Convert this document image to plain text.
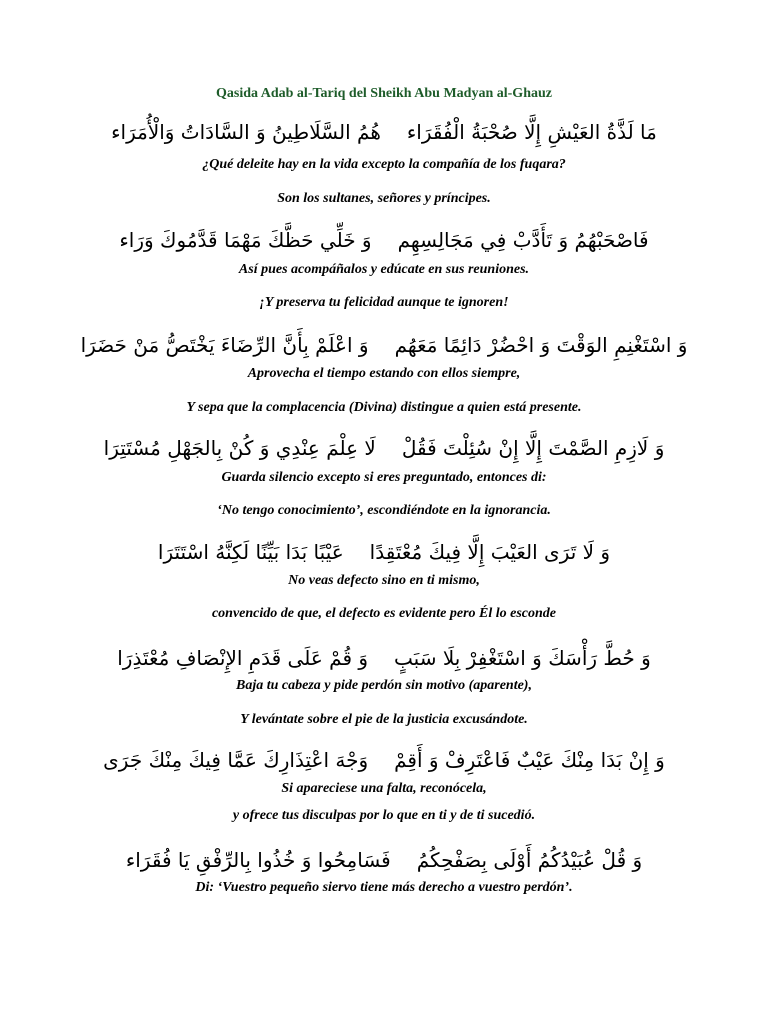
Qasida Adab al-Tariq del Sheikh Abu Madyan al-Ghauz
مَا لَذَّةُ العَيْشِ إِلَّا صُحْبَةُ الْفُقَرَاءهُمُ السَّلَاطِينُ وَ السَّادَاتُ وَالْأُمَرَاء
¿Qué deleite hay en la vida excepto la compañía de los fuqara?
Son los sultanes, señores y príncipes.
فَاصْحَبْهُمُ وَ تَأَدَّبْ فِي مَجَالِسِهِموَ خَلِّي حَظَّكَ مَهْمَا قَدَّمُوكَ وَرَاء
Así pues acompáñalos y edúcate en sus reuniones.
¡Y preserva tu felicidad aunque te ignoren!
وَ اسْتَغْنِمِ الوَقْتَ وَ احْضُرْ دَائِمًا مَعَهُموَ اعْلَمْ بِأَنَّ الرِّضَاءَ يَخْتَصُّ مَنْ حَضَرَا
Aprovecha el tiempo estando con ellos siempre,
Y sepa que la complacencia (Divina) distingue a quien está presente.
وَ لَازِمِ الصَّمْتَ إِلَّا إِنْ سُئِلْتَ فَقُلْلَا عِلْمَ عِنْدِي وَ كُنْ بِالجَهْلِ مُسْتَتِرَا
Guarda silencio excepto si eres preguntado, entonces di:
‘No tengo conocimiento’, escondiéndote en la ignorancia.
وَ لَا تَرَى العَيْبَ إِلَّا فِيكَ مُعْتَقِدًاعَيْبًا بَدَا بَيِّنًا لَكِنَّهُ اسْتَتَرَا
No veas defecto sino en ti mismo,
convencido de que, el defecto es evidente pero Él lo esconde
وَ حُطَّ رَأْسَكَ وَ اسْتَغْفِرْ بِلَا سَبَبٍوَ قُمْ عَلَى قَدَمِ الإِنْصَافِ مُعْتَذِرَا
Baja tu cabeza y pide perdón sin motivo (aparente),
Y levántate sobre el pie de la justicia excusándote.
وَ إِنْ بَدَا مِنْكَ عَيْبٌ فَاعْتَرِفْ وَ أَقِمْوَجْهَ اعْتِذَارِكَ عَمَّا فِيكَ مِنْكَ جَرَى
Si apareciese una falta, reconócela,
y ofrece tus disculpas por lo que en ti y de ti sucedió.
وَ قُلْ عُبَيْدُكُمُ أَوْلَى بِصَفْحِكُمُفَسَامِحُوا وَ خُذُوا بِالرِّفْقِ يَا فُقَرَاء
Di: ‘Vuestro pequeño siervo tiene más derecho a vuestro perdón’.
